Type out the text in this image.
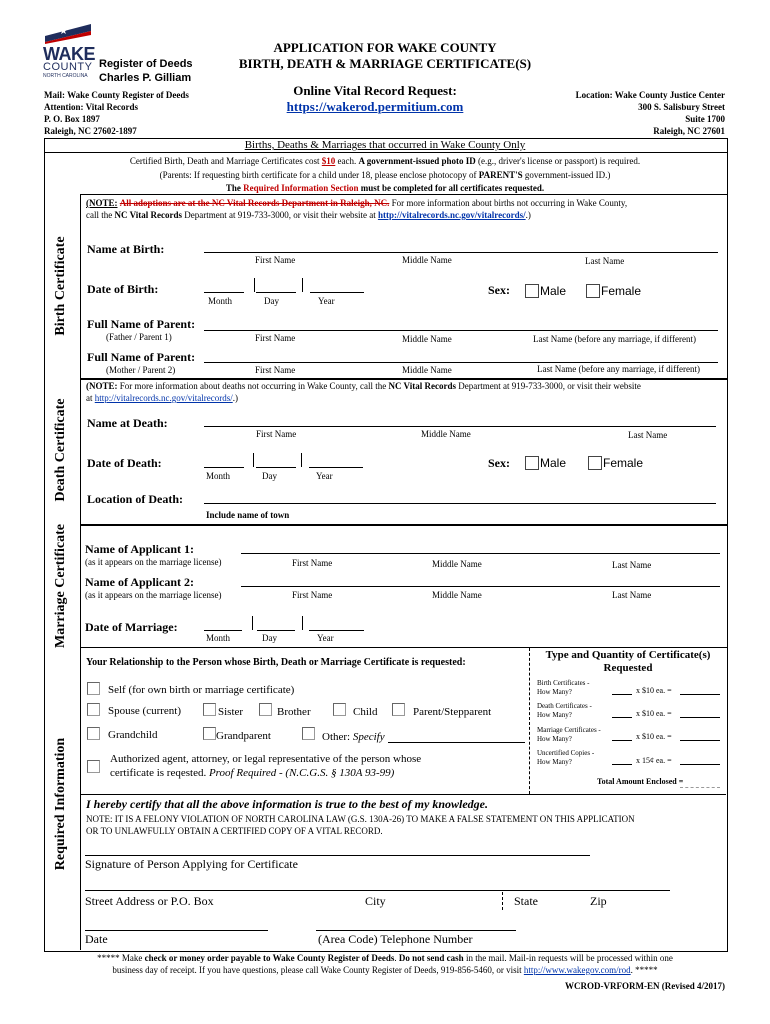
★
WAKE
COUNTY
NORTH CAROLINA
Register of Deeds
Charles P. Gilliam
APPLICATION FOR WAKE COUNTY
BIRTH, DEATH & MARRIAGE CERTIFICATE(S)
Online Vital Record Request:
https://wakerod.permitium.com
Mail: Wake County Register of Deeds
Attention: Vital Records
P. O. Box 1897
Raleigh, NC 27602-1897
Location: Wake County Justice Center
300 S. Salisbury Street
Suite 1700
Raleigh, NC 27601
Births, Deaths & Marriages that occurred in Wake County Only
Certified Birth, Death and Marriage Certificates cost $10 each. A government-issued photo ID (e.g., driver's license or passport) is required.
(Parents: If requesting birth certificate for a child under 18, please enclose photocopy of PARENT'S government-issued ID.)
The Required Information Section must be completed for all certificates requested.
Birth Certificate
(NOTE: All adoptions are at the NC Vital Records Department in Raleigh, NC. For more information about births not occurring in Wake County,
call the NC Vital Records Department at 919-733-3000, or visit their website at http://vitalrecords.nc.gov/vitalrecords/.)
Name at Birth:
First Name	Middle Name	Last Name
Date of Birth:
Month	Day	Year
Sex:	Male	Female
Full Name of Parent:
(Father / Parent 1)	First Name	Middle Name	Last Name (before any marriage, if different)
Full Name of Parent:
(Mother / Parent 2)	First Name	Middle Name	Last Name (before any marriage, if different)
Death Certificate
(NOTE: For more information about deaths not occurring in Wake County, call the NC Vital Records Department at 919-733-3000, or visit their website
at http://vitalrecords.nc.gov/vitalrecords/.)
Name at Death:
First Name	Middle Name	Last Name
Date of Death:
Month	Day	Year
Sex:	Male	Female
Location of Death:
Include name of town
Marriage Certificate Name of Applicant 1:
(as it appears on the marriage license)	First Name	Middle Name	Last Name
Name of Applicant 2:
(as it appears on the marriage license)	First Name	Middle Name	Last Name
Date of Marriage:
Month	Day	Year
Required Information
Your Relationship to the Person whose Birth, Death or Marriage Certificate is requested:
Self (for own birth or marriage certificate)
Spouse (current)	Sister	Brother	Child	Parent/Stepparent
Grandchild	Grandparent	Other: Specify
Authorized agent, attorney, or legal representative of the person whose
certificate is reqested. Proof Required - (N.C.G.S. § 130A 93-99)
Type and Quantity of Certificate(s)
Requested
Birth Certificates -
How Many?	x $10 ea. =
Death Certificates -
How Many?	x $10 ea. =
Marriage Certificates -
How Many?	x $10 ea. =
Uncertified Copies -
How Many?	x 15¢ ea. =
Total Amount Enclosed =
I hereby certify that all the above information is true to the best of my knowledge.
NOTE: IT IS A FELONY VIOLATION OF NORTH CAROLINA LAW (G.S. 130A-26) TO MAKE A FALSE STATEMENT ON THIS APPLICATION
OR TO UNLAWFULLY OBTAIN A CERTIFIED COPY OF A VITAL RECORD.
Signature of Person Applying for Certificate
Street Address or P.O. Box	City	State	Zip
Date	(Area Code) Telephone Number
***** Make check or money order payable to Wake County Register of Deeds. Do not send cash in the mail. Mail-in requests will be processed within one
business day of receipt. If you have questions, please call Wake County Register of Deeds, 919-856-5460, or visit http://www.wakegov.com/rod. *****
WCROD-VRFORM-EN (Revised 4/2017)
